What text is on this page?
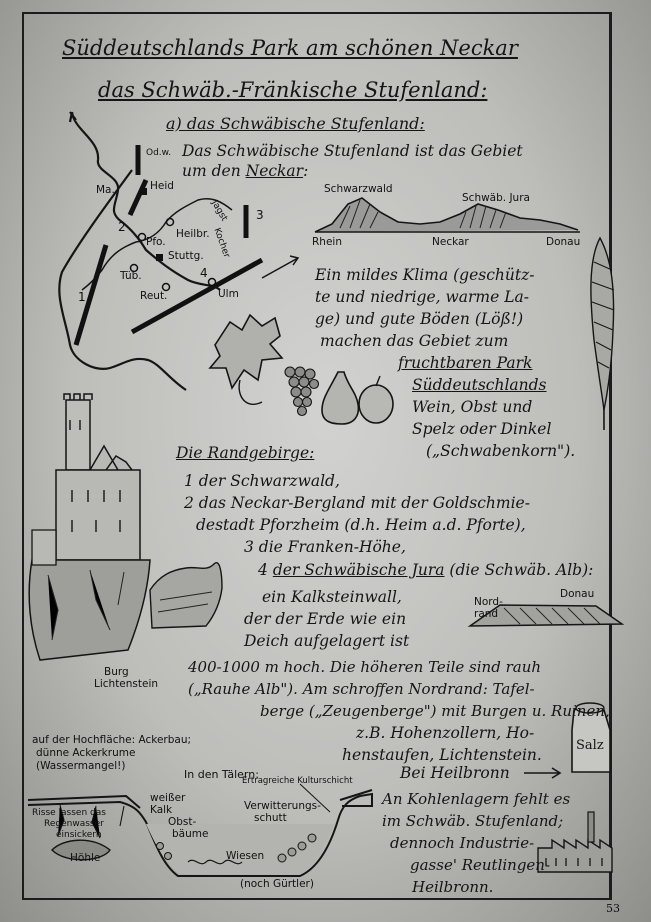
Süddeutschlands Park am schönen Neckar
das Schwäb.-Fränkische Stufenland:
a) das Schwäbische Stufenland:
Das Schwäbische Stufenland ist das Gebiet
um den Neckar:
Schwarzwald
Schwäb. Jura
Rhein	Neckar	Donau
Od.w.
Ma.	Heid
Pfo.
Heilbr.
Stuttg.
Tüb.
Reut.	Ulm
Jagst
Kocher
1
2
3
4	Ein mildes Klima (geschütz-
te und niedrige, warme La-
ge) und gute Böden (Löß!)
machen das Gebiet zum
fruchtbaren Park
Süddeutschlands
Wein, Obst und
Spelz oder Dinkel
(„Schwabenkorn").
Die Randgebirge:
1 der Schwarzwald,
2 das Neckar-Bergland mit der Goldschmie-
destadt Pforzheim (d.h. Heim a.d. Pforte),
3 die Franken-Höhe,
4 der Schwäbische Jura (die Schwäb. Alb):
ein Kalksteinwall,
der der Erde wie ein
Deich aufgelagert ist
Nord-
rand
Donau
400-1000 m hoch. Die höheren Teile sind rauh
(„Rauhe Alb"). Am schroffen Nordrand: Tafel-
berge („Zeugenberge") mit Burgen u. Ruinen,
z.B. Hohenzollern, Ho-
henstaufen, Lichtenstein.
Burg
Lichtenstein
Salz
Bei Heilbronn
An Kohlenlagern fehlt es
im Schwäb. Stufenland;
dennoch Industrie-
gasse' Reutlingen-
Heilbronn.
auf der Hochfläche: Ackerbau;
dünne Ackerkrume
(Wassermangel!)
In den Tälern:
Ertragreiche Kulturschicht
weißer
Kalk
Risse lassen das
Regenwasser
einsickern
Verwitterungs-
schutt
Obst-
bäume
Wiesen
Höhle
(noch Gürtler)
53
